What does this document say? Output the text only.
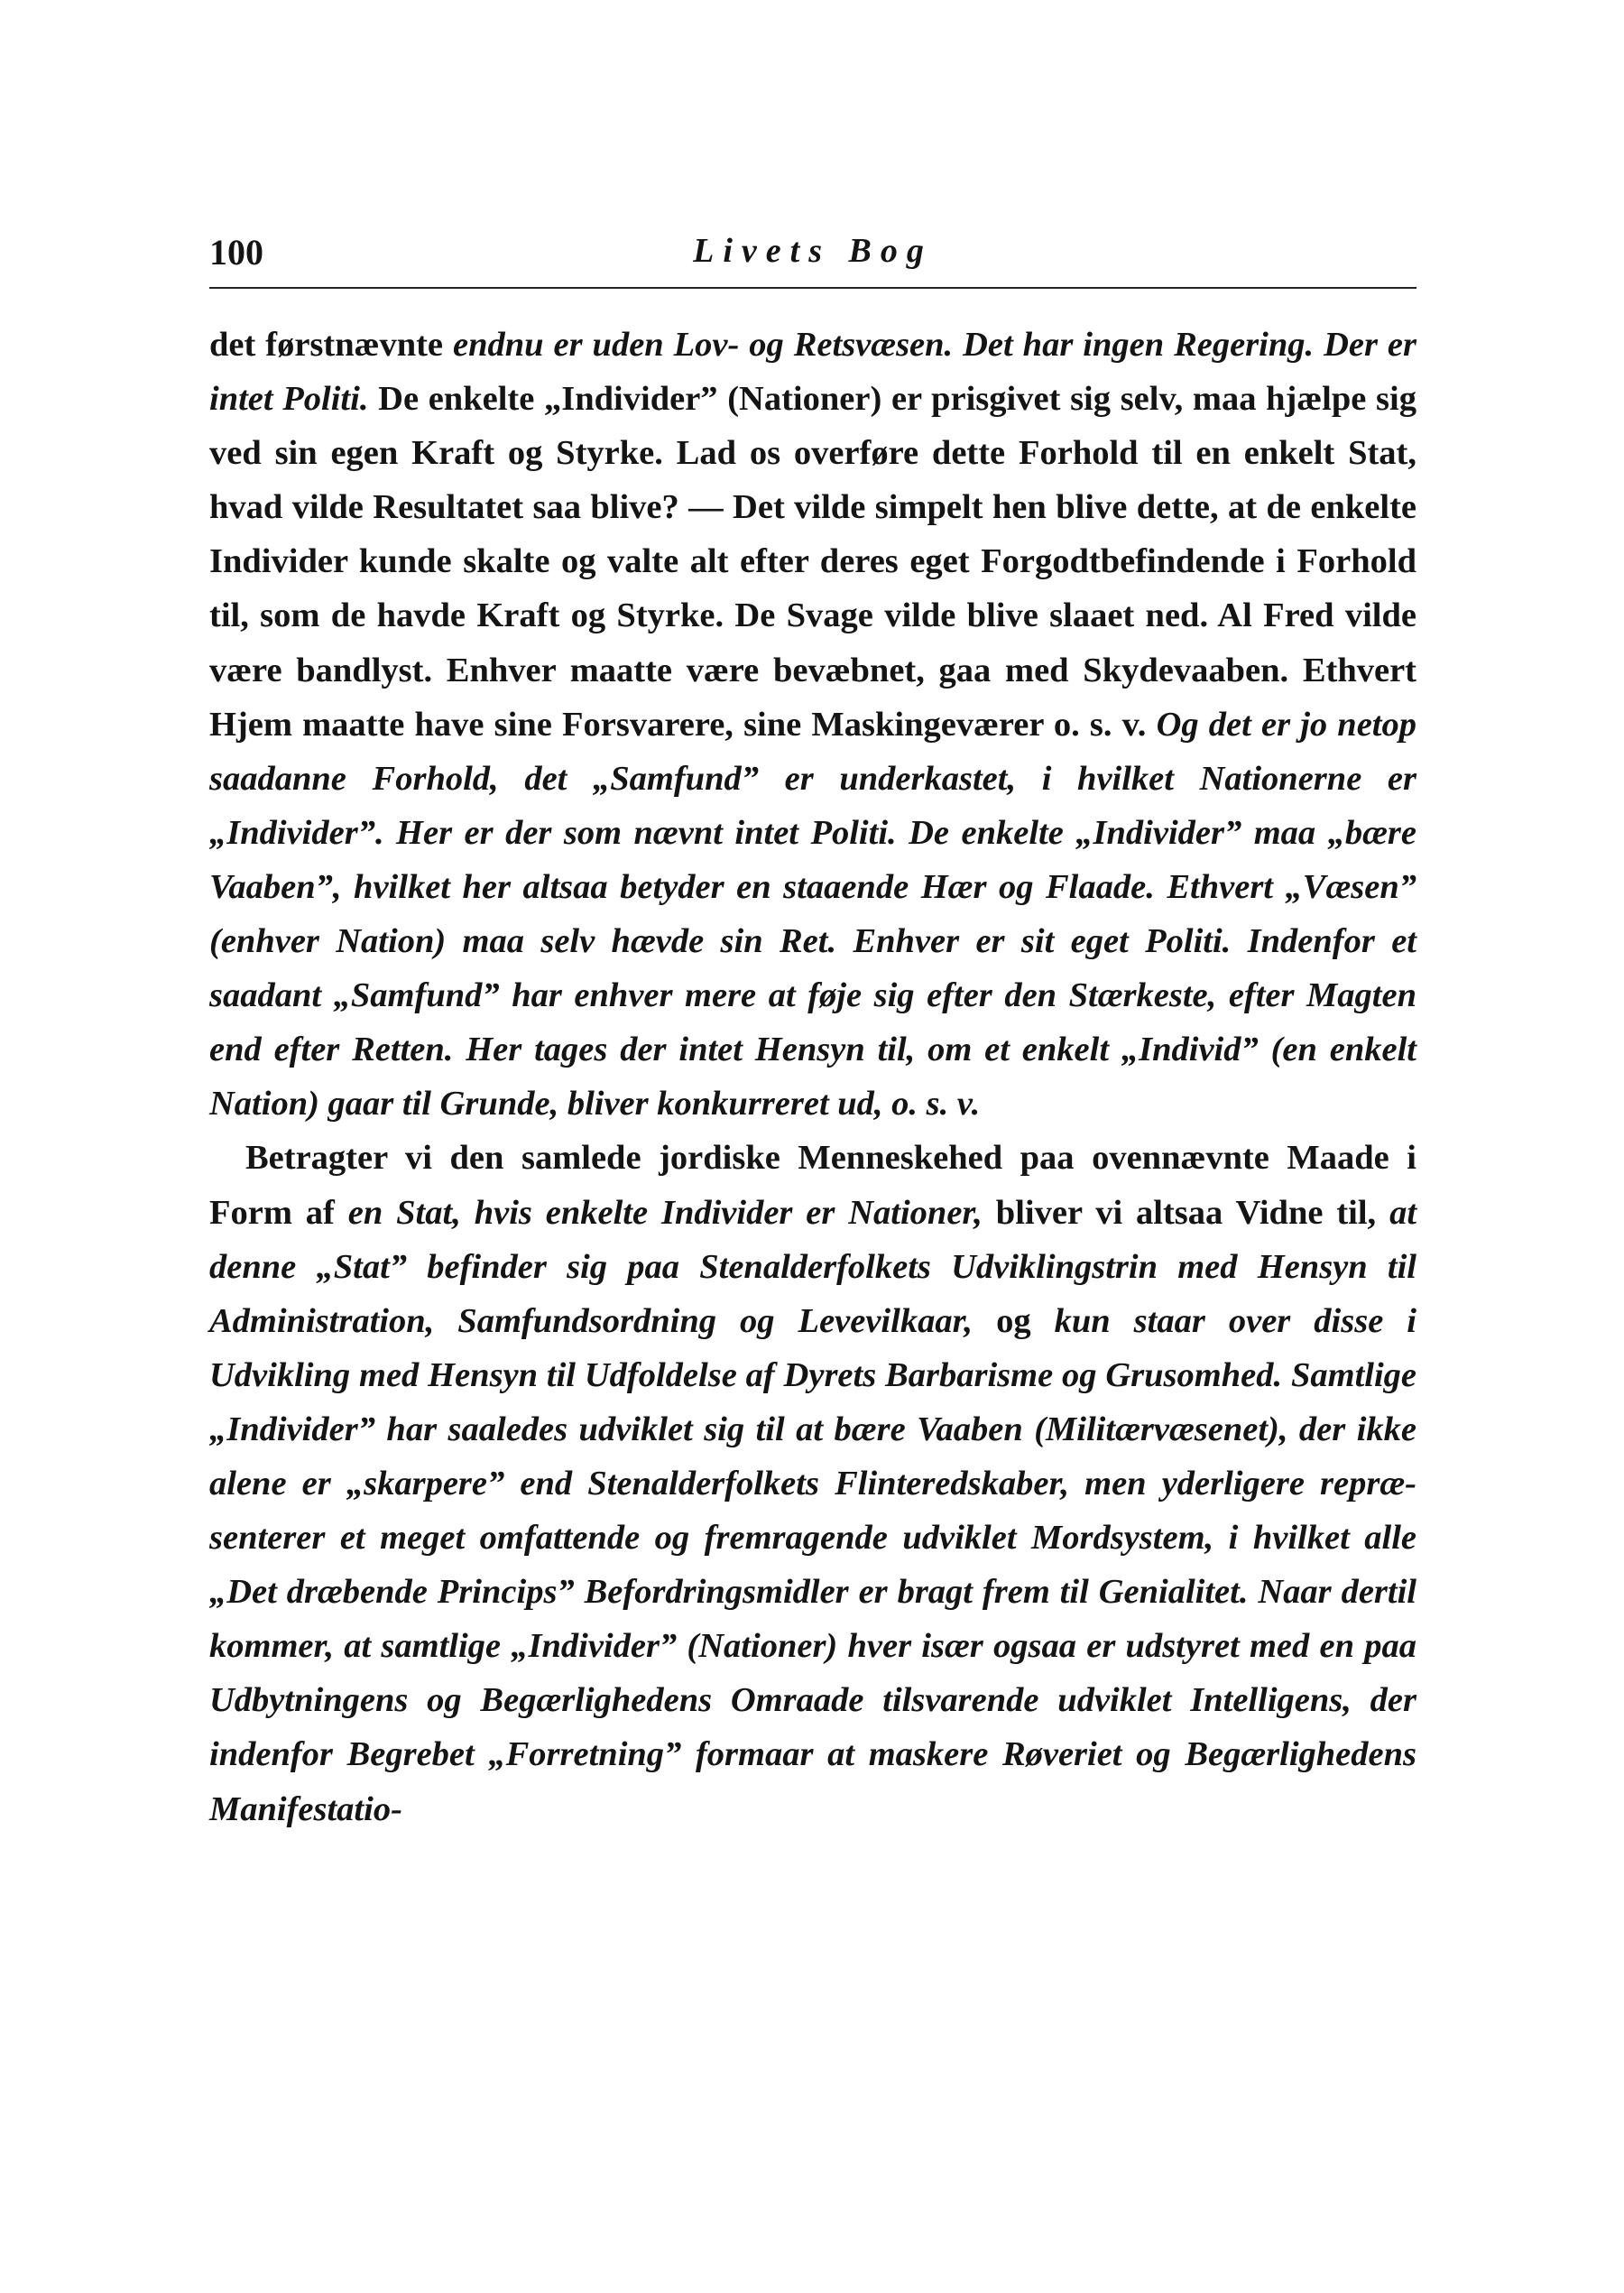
100	Livets Bog

det førstnævnte endnu er uden Lov- og Retsvæsen. Det har ingen Regering. Der er intet Politi. De enkelte „Individer” (Nationer) er prisgivet sig selv, maa hjælpe sig ved sin egen Kraft og Styrke. Lad os overføre dette Forhold til en enkelt Stat, hvad vilde Resultatet saa blive? — Det vilde simpelt hen blive dette, at de enkelte Individer kunde skalte og valte alt efter deres eget Forgodtbefindende i Forhold til, som de havde Kraft og Styrke. De Svage vilde blive slaaet ned. Al Fred vilde være bandlyst. Enhver maatte være bevæbnet, gaa med Skydevaaben. Ethvert Hjem maatte have sine Forsvarere, sine Maskingeværer o. s. v. Og det er jo netop saadanne Forhold, det „Samfund” er underkastet, i hvilket Nationerne er „Individer”. Her er der som nævnt intet Politi. De enkelte „Individer” maa „bære Vaaben”, hvilket her altsaa betyder en staaende Hær og Flaade. Ethvert „Væsen” (enhver Nation) maa selv hævde sin Ret. Enhver er sit eget Politi. Indenfor et saadant „Samfund” har enhver mere at føje sig efter den Stærkeste, efter Magten end efter Retten. Her tages der intet Hensyn til, om et enkelt „Individ” (en enkelt Nation) gaar til Grunde, bliver konkurreret ud, o. s. v.

Betragter vi den samlede jordiske Menneskehed paa ovennævnte Maade i Form af en Stat, hvis enkelte Individer er Nationer, bliver vi altsaa Vidne til, at denne „Stat” befinder sig paa Stenalderfolkets Udviklingstrin med Hensyn til Administration, Samfundsordning og Levevilkaar, og kun staar over disse i Udvikling med Hensyn til Udfoldelse af Dyrets Barbarisme og Grusomhed. Samtlige „Individer” har saaledes udviklet sig til at bære Vaaben (Militærvæsenet), der ikke alene er „skarpere” end Stenalderfolkets Flinteredskaber, men yderligere repræsenterer et meget omfattende og fremragende udviklet Mordsystem, i hvilket alle „Det dræbende Princips” Befordringsmidler er bragt frem til Genialitet. Naar dertil kommer, at samtlige „Individer” (Nationer) hver især ogsaa er udstyret med en paa Udbytningens og Begærlighedens Omraade tilsvarende udviklet Intelligens, der indenfor Begrebet „Forretning” formaar at maskere Røveriet og Begærlighedens Manifestatio-
